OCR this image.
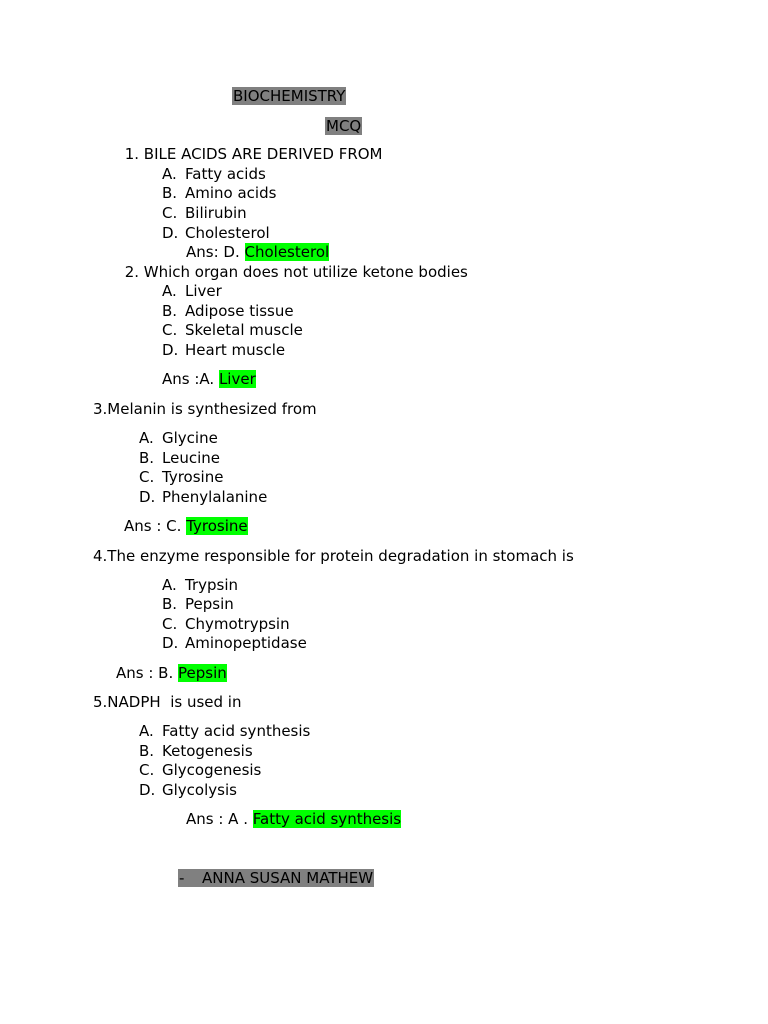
BIOCHEMISTRY
MCQ
1. BILE ACIDS ARE DERIVED FROM
A. Fatty acids
B. Amino acids
C. Bilirubin
D. Cholesterol
Ans: D. Cholesterol
2. Which organ does not utilize ketone bodies
A. Liver
B. Adipose tissue
C. Skeletal muscle
D. Heart muscle
Ans :A. Liver
3.Melanin is synthesized from
A. Glycine
B. Leucine
C. Tyrosine
D. Phenylalanine
Ans : C. Tyrosine
4.The enzyme responsible for protein degradation in stomach is
A. Trypsin
B. Pepsin
C. Chymotrypsin
D. Aminopeptidase
Ans : B. Pepsin
5.NADPH  is used in
A. Fatty acid synthesis
B. Ketogenesis
C. Glycogenesis
D. Glycolysis
Ans : A . Fatty acid synthesis
- ANNA SUSAN MATHEW
